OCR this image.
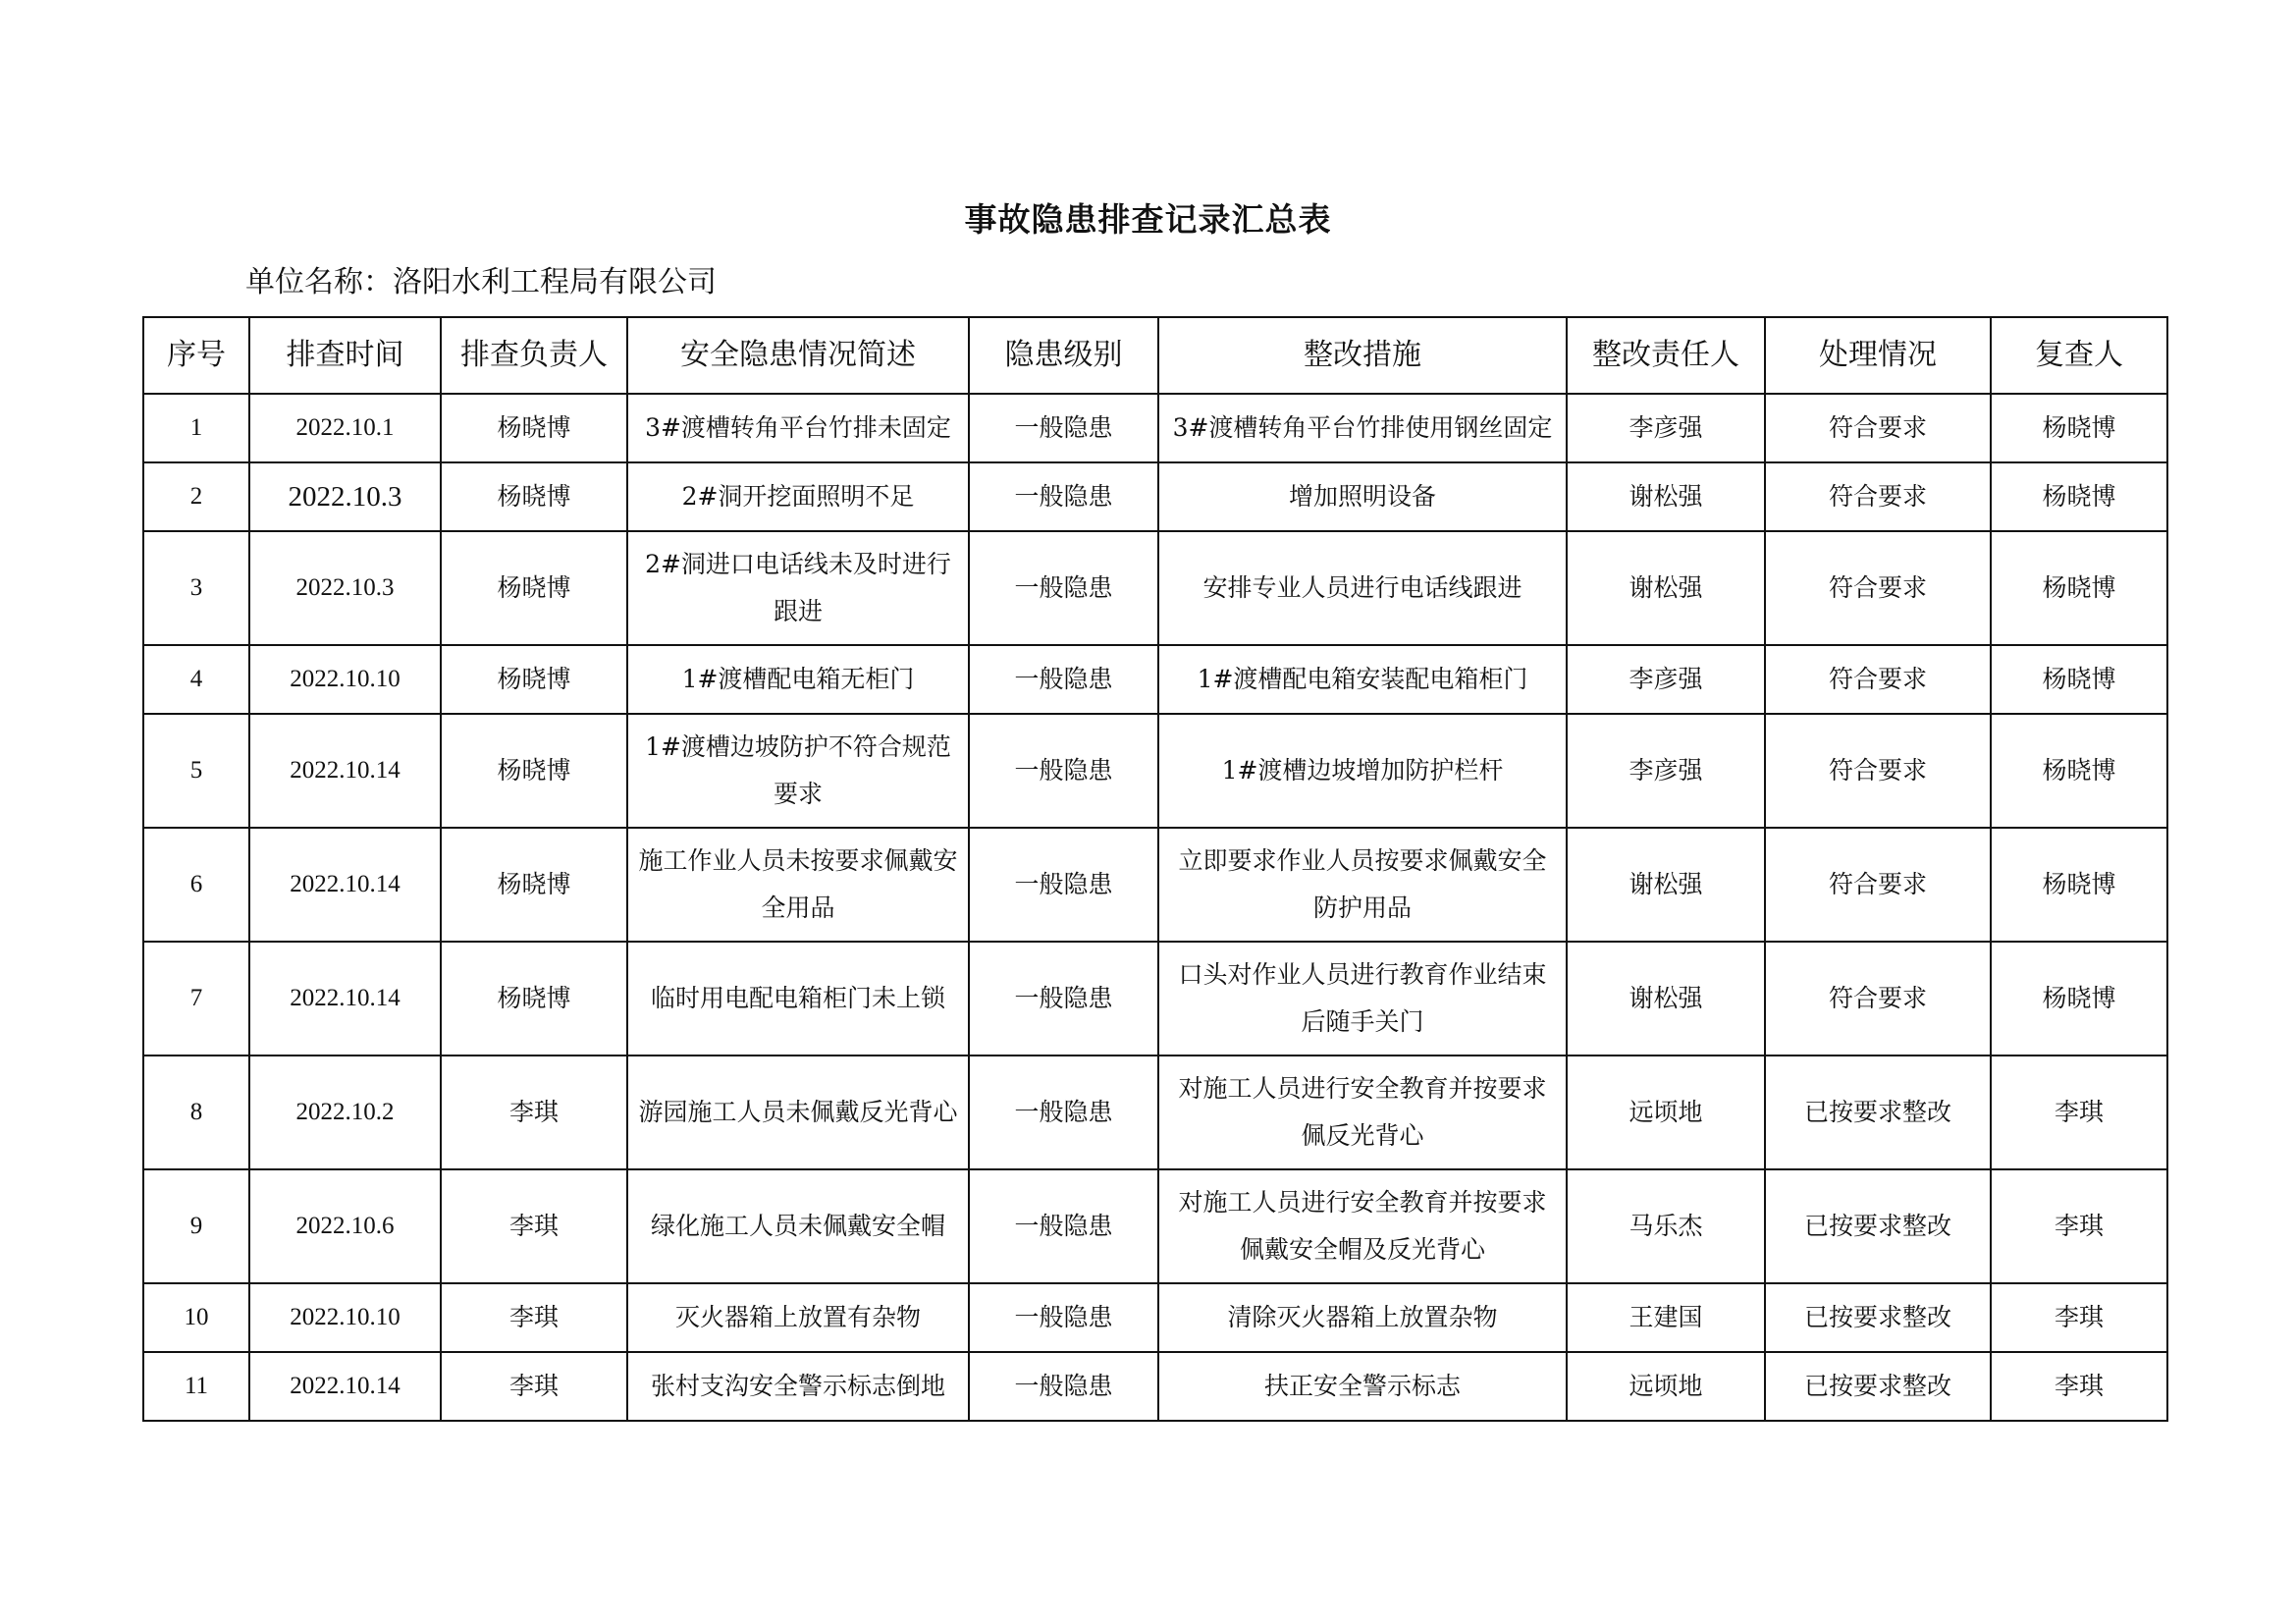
事故隐患排查记录汇总表
单位名称：洛阳水利工程局有限公司
序号	排查时间	排查负责人	安全隐患情况简述	隐患级别	整改措施	整改责任人	处理情况	复查人
1	2022.10.1	杨晓博	3#渡槽转角平台竹排未固定	一般隐患	3#渡槽转角平台竹排使用钢丝固定	李彦强	符合要求	杨晓博
2	2022.10.3	杨晓博	2#洞开挖面照明不足	一般隐患	增加照明设备	谢松强	符合要求	杨晓博
3	2022.10.3	杨晓博	2#洞进口电话线未及时进行跟进	一般隐患	安排专业人员进行电话线跟进	谢松强	符合要求	杨晓博
4	2022.10.10	杨晓博	1#渡槽配电箱无柜门	一般隐患	1#渡槽配电箱安装配电箱柜门	李彦强	符合要求	杨晓博
5	2022.10.14	杨晓博	1#渡槽边坡防护不符合规范要求	一般隐患	1#渡槽边坡增加防护栏杆	李彦强	符合要求	杨晓博
6	2022.10.14	杨晓博	施工作业人员未按要求佩戴安全用品	一般隐患	立即要求作业人员按要求佩戴安全防护用品	谢松强	符合要求	杨晓博
7	2022.10.14	杨晓博	临时用电配电箱柜门未上锁	一般隐患	口头对作业人员进行教育作业结束后随手关门	谢松强	符合要求	杨晓博
8	2022.10.2	李琪	游园施工人员未佩戴反光背心	一般隐患	对施工人员进行安全教育并按要求佩反光背心	远顷地	已按要求整改	李琪
9	2022.10.6	李琪	绿化施工人员未佩戴安全帽	一般隐患	对施工人员进行安全教育并按要求佩戴安全帽及反光背心	马乐杰	已按要求整改	李琪
10	2022.10.10	李琪	灭火器箱上放置有杂物	一般隐患	清除灭火器箱上放置杂物	王建国	已按要求整改	李琪
11	2022.10.14	李琪	张村支沟安全警示标志倒地	一般隐患	扶正安全警示标志	远顷地	已按要求整改	李琪
